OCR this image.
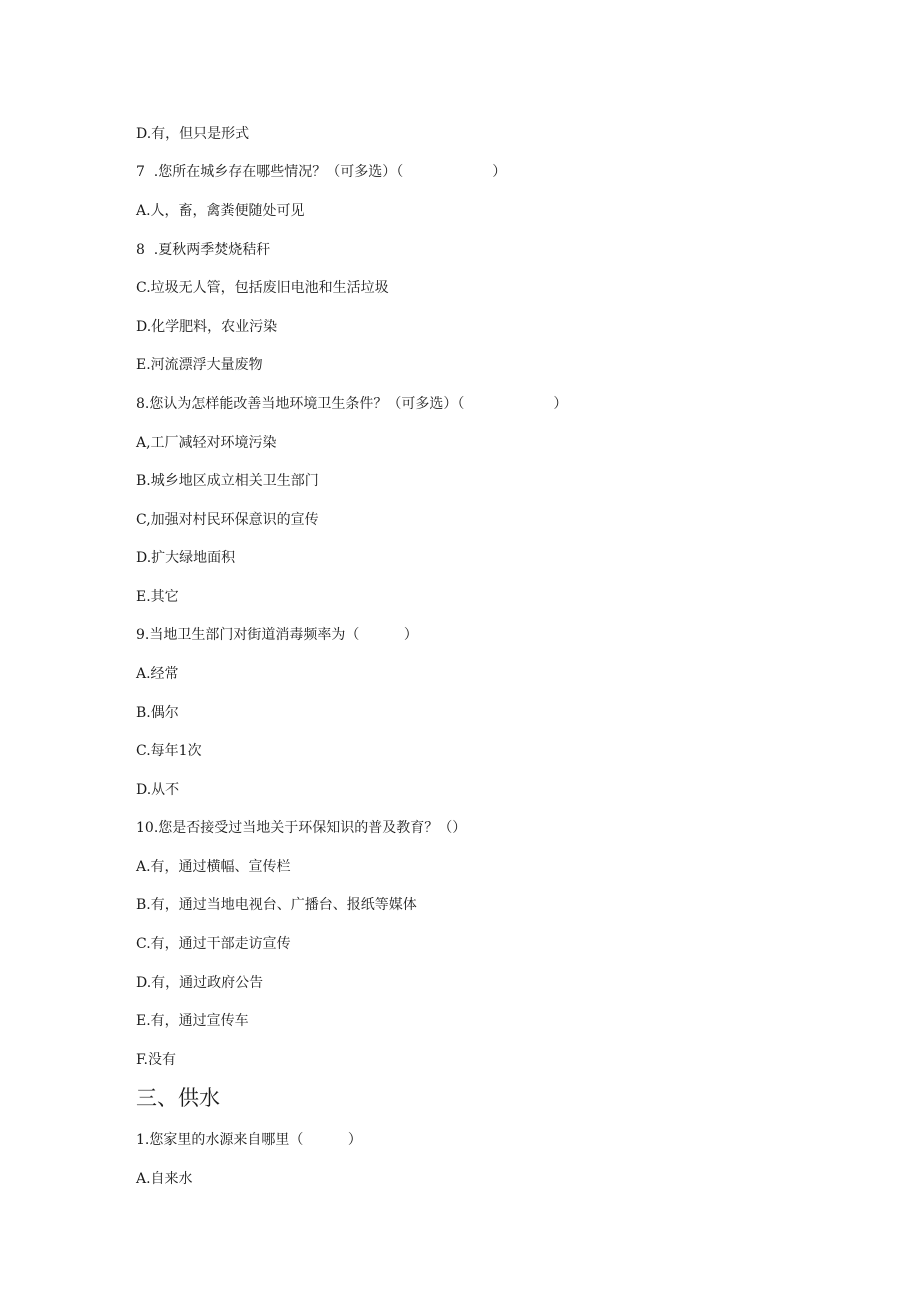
D.有，但只是形式
7  .您所在城乡存在哪些情况？（可多选）（                    ）
A.人，畜，禽粪便随处可见
8  .夏秋两季焚烧秸秆
C.垃圾无人管，包括废旧电池和生活垃圾
D.化学肥料，农业污染
E.河流漂浮大量废物
8.您认为怎样能改善当地环境卫生条件？（可多选）（                    ）
A,工厂减轻对环境污染
B.城乡地区成立相关卫生部门
C,加强对村民环保意识的宣传
D.扩大绿地面积
E.其它
9.当地卫生部门对街道消毒频率为（          ）
A.经常
B.偶尔
C.每年1次
D.从不
10.您是否接受过当地关于环保知识的普及教育？（）
A.有，通过横幅、宣传栏
B.有，通过当地电视台、广播台、报纸等媒体
C.有，通过干部走访宣传
D.有，通过政府公告
E.有，通过宣传车
F.没有
三、供水
1.您家里的水源来自哪里（          ）
A.自来水
